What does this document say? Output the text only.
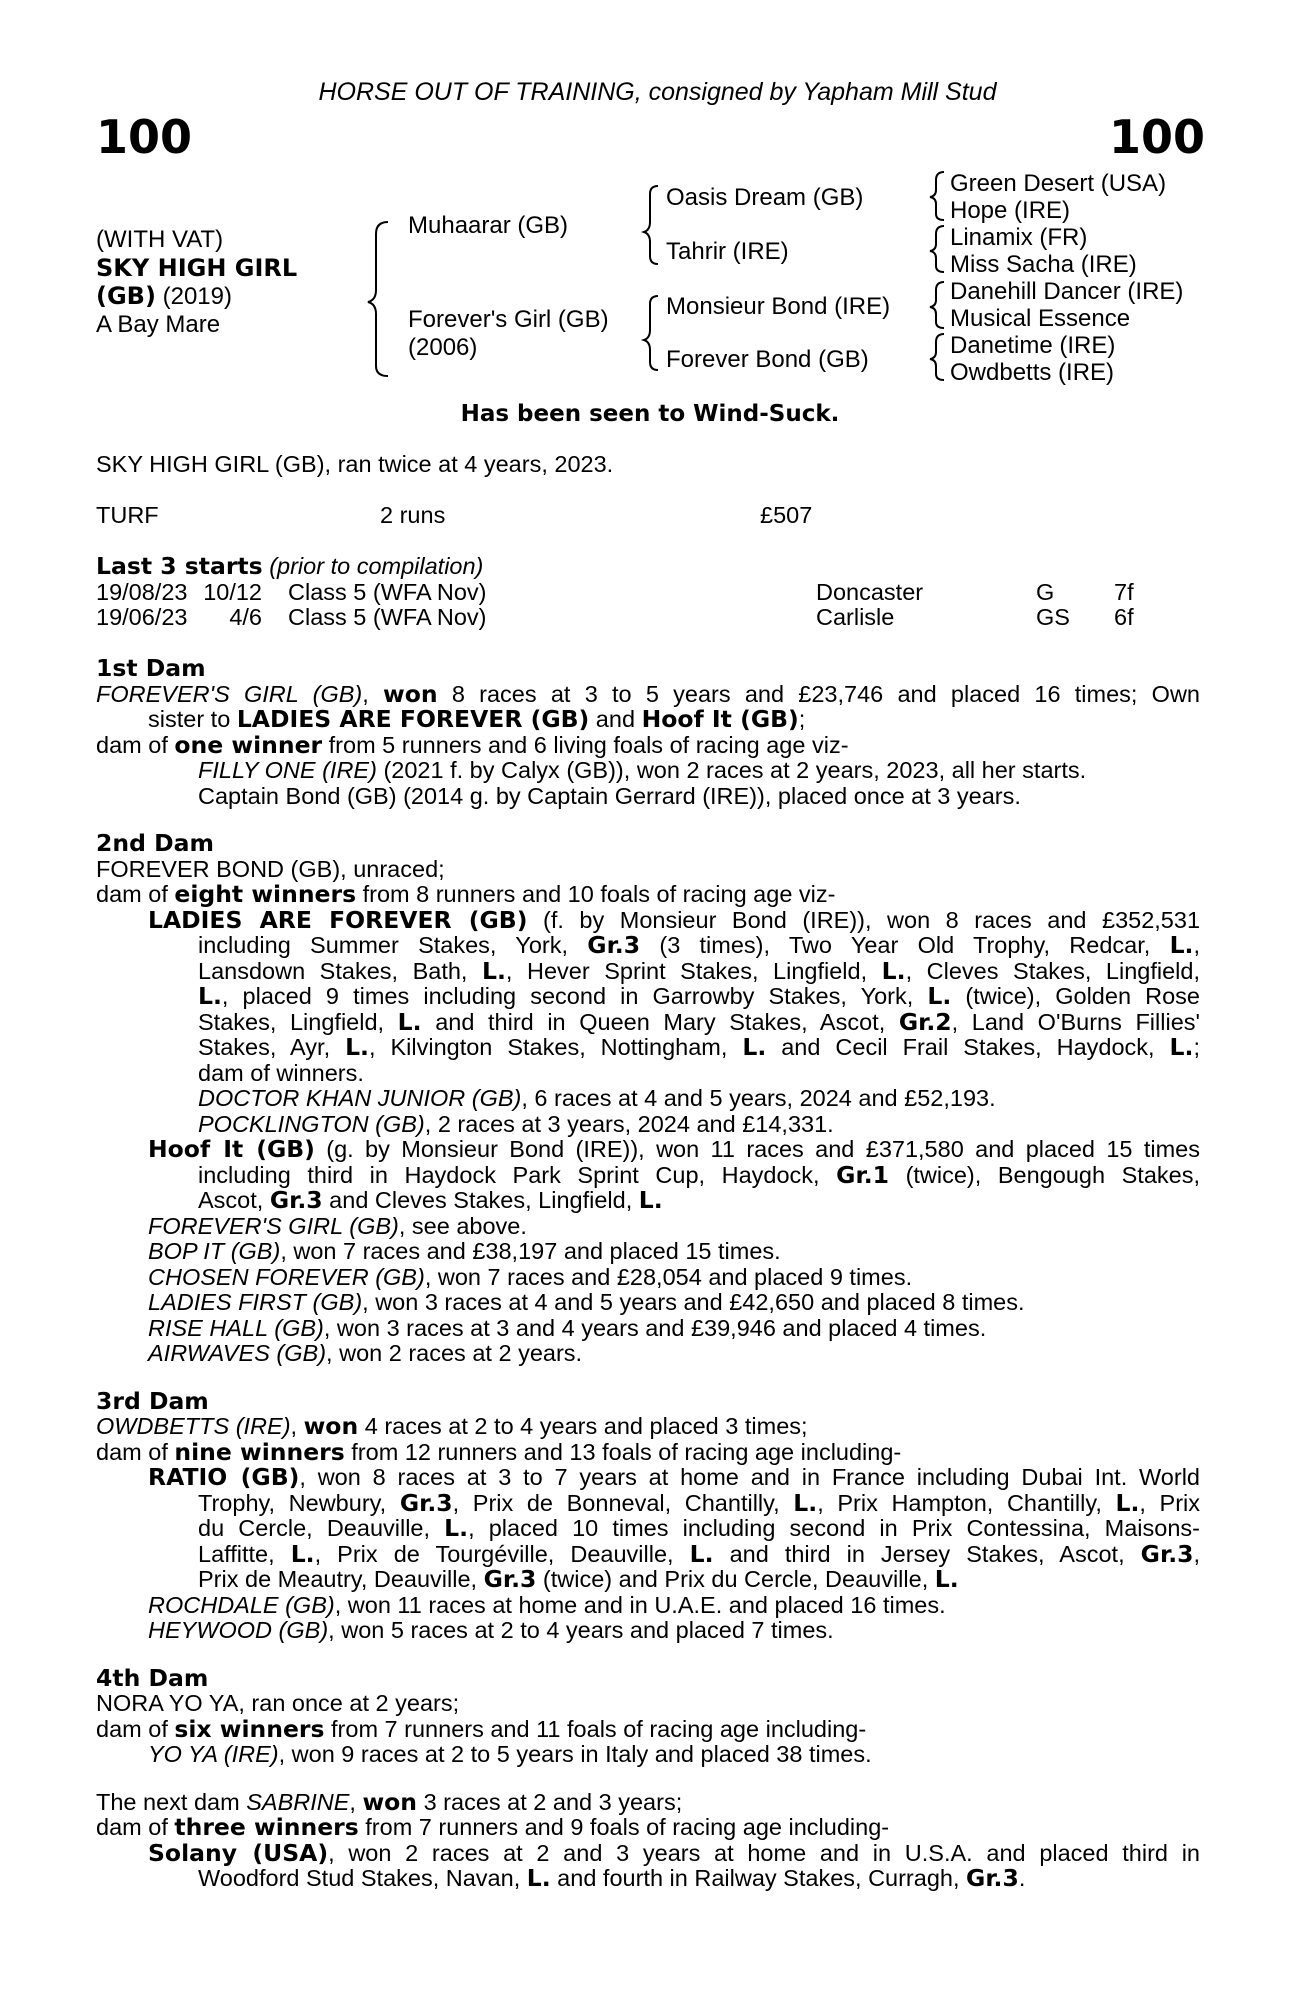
HORSE OUT OF TRAINING, consigned by Yapham Mill Stud
100	100
(WITH VAT)
SKY HIGH GIRL
(GB) (2019)
A Bay Mare
Muhaarar (GB)
Forever's Girl (GB)
(2006)
Oasis Dream (GB)
Tahrir (IRE)
Monsieur Bond (IRE)
Forever Bond (GB)
Green Desert (USA)
Hope (IRE)
Linamix (FR)
Miss Sacha (IRE)
Danehill Dancer (IRE)
Musical Essence
Danetime (IRE)
Owdbetts (IRE)
Has been seen to Wind-Suck.
SKY HIGH GIRL (GB), ran twice at 4 years, 2023.
TURF	2 runs	£507
Last 3 starts (prior to compilation)
19/08/23 10/12 Class 5 (WFA Nov)	Doncaster	G	7f
19/06/23 4/6 Class 5 (WFA Nov)	Carlisle	GS 6f
1st Dam
FOREVER'S GIRL (GB), won 8 races at 3 to 5 years and £23,746 and placed 16 times; Own
sister to LADIES ARE FOREVER (GB) and Hoof It (GB);
dam of one winner from 5 runners and 6 living foals of racing age viz-
FILLY ONE (IRE) (2021 f. by Calyx (GB)), won 2 races at 2 years, 2023, all her starts.
Captain Bond (GB) (2014 g. by Captain Gerrard (IRE)), placed once at 3 years.
2nd Dam
FOREVER BOND (GB), unraced;
dam of eight winners from 8 runners and 10 foals of racing age viz-
LADIES ARE FOREVER (GB) (f. by Monsieur Bond (IRE)), won 8 races and £352,531
including Summer Stakes, York, Gr.3 (3 times), Two Year Old Trophy, Redcar, L.,
Lansdown Stakes, Bath, L., Hever Sprint Stakes, Lingfield, L., Cleves Stakes, Lingfield,
L., placed 9 times including second in Garrowby Stakes, York, L. (twice), Golden Rose
Stakes, Lingfield, L. and third in Queen Mary Stakes, Ascot, Gr.2, Land O'Burns Fillies'
Stakes, Ayr, L., Kilvington Stakes, Nottingham, L. and Cecil Frail Stakes, Haydock, L.;
dam of winners.
DOCTOR KHAN JUNIOR (GB), 6 races at 4 and 5 years, 2024 and £52,193.
POCKLINGTON (GB), 2 races at 3 years, 2024 and £14,331.
Hoof It (GB) (g. by Monsieur Bond (IRE)), won 11 races and £371,580 and placed 15 times
including third in Haydock Park Sprint Cup, Haydock, Gr.1 (twice), Bengough Stakes,
Ascot, Gr.3 and Cleves Stakes, Lingfield, L.
FOREVER'S GIRL (GB), see above.
BOP IT (GB), won 7 races and £38,197 and placed 15 times.
CHOSEN FOREVER (GB), won 7 races and £28,054 and placed 9 times.
LADIES FIRST (GB), won 3 races at 4 and 5 years and £42,650 and placed 8 times.
RISE HALL (GB), won 3 races at 3 and 4 years and £39,946 and placed 4 times.
AIRWAVES (GB), won 2 races at 2 years.
3rd Dam
OWDBETTS (IRE), won 4 races at 2 to 4 years and placed 3 times;
dam of nine winners from 12 runners and 13 foals of racing age including-
RATIO (GB), won 8 races at 3 to 7 years at home and in France including Dubai Int. World
Trophy, Newbury, Gr.3, Prix de Bonneval, Chantilly, L., Prix Hampton, Chantilly, L., Prix
du Cercle, Deauville, L., placed 10 times including second in Prix Contessina, Maisons-
Laffitte, L., Prix de Tourgéville, Deauville, L. and third in Jersey Stakes, Ascot, Gr.3,
Prix de Meautry, Deauville, Gr.3 (twice) and Prix du Cercle, Deauville, L.
ROCHDALE (GB), won 11 races at home and in U.A.E. and placed 16 times.
HEYWOOD (GB), won 5 races at 2 to 4 years and placed 7 times.
4th Dam
NORA YO YA, ran once at 2 years;
dam of six winners from 7 runners and 11 foals of racing age including-
YO YA (IRE), won 9 races at 2 to 5 years in Italy and placed 38 times.
The next dam SABRINE, won 3 races at 2 and 3 years;
dam of three winners from 7 runners and 9 foals of racing age including-
Solany (USA), won 2 races at 2 and 3 years at home and in U.S.A. and placed third in
Woodford Stud Stakes, Navan, L. and fourth in Railway Stakes, Curragh, Gr.3.
